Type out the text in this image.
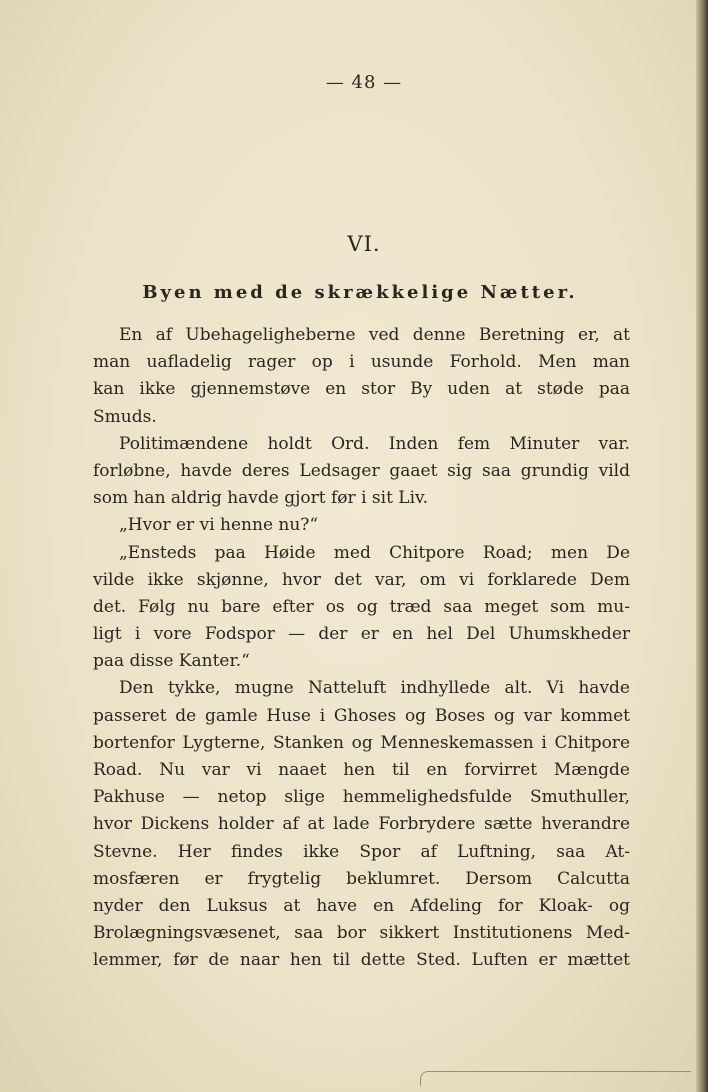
— 48 —
VI.
Byen med de skrækkelige Nætter.
En af Ubehageligheberne ved denne Beretning er, at
man uafladelig rager op i usunde Forhold. Men man
kan ikke gjennemstøve en stor By uden at støde paa
Smuds.
Politimændene holdt Ord. Inden fem Minuter var.
forløbne, havde deres Ledsager gaaet sig saa grundig vild
som han aldrig havde gjort før i sit Liv.
„Hvor er vi henne nu?“
„Ensteds paa Høide med Chitpore Road; men De
vilde ikke skjønne, hvor det var, om vi forklarede Dem
det. Følg nu bare efter os og træd saa meget som mu-
ligt i vore Fodspor — der er en hel Del Uhumskheder
paa disse Kanter.“
Den tykke, mugne Natteluft indhyllede alt. Vi havde
passeret de gamle Huse i Ghoses og Boses og var kommet
bortenfor Lygterne, Stanken og Menneskemassen i Chitpore
Road. Nu var vi naaet hen til en forvirret Mængde
Pakhuse — netop slige hemmelighedsfulde Smuthuller,
hvor Dickens holder af at lade Forbrydere sætte hverandre
Stevne. Her findes ikke Spor af Luftning, saa At-
mosfæren er frygtelig beklumret. Dersom Calcutta
nyder den Luksus at have en Afdeling for Kloak- og
Brolægningsvæsenet, saa bor sikkert Institutionens Med-
lemmer, før de naar hen til dette Sted. Luften er mættet
